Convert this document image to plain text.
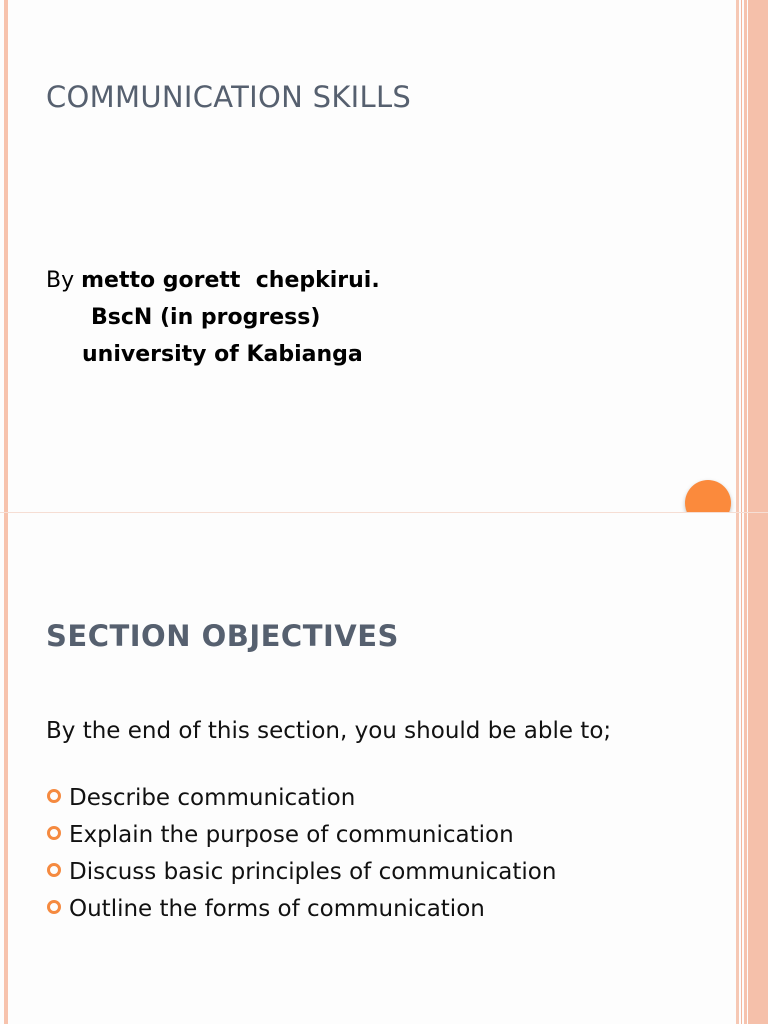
COMMUNICATION SKILLS
By metto gorett  chepkirui.
BscN (in progress)
university of Kabianga
SECTION OBJECTIVES

By the end of this section, you should be able to;

Describe communication
Explain the purpose of communication
Discuss basic principles of communication
Outline the forms of communication
